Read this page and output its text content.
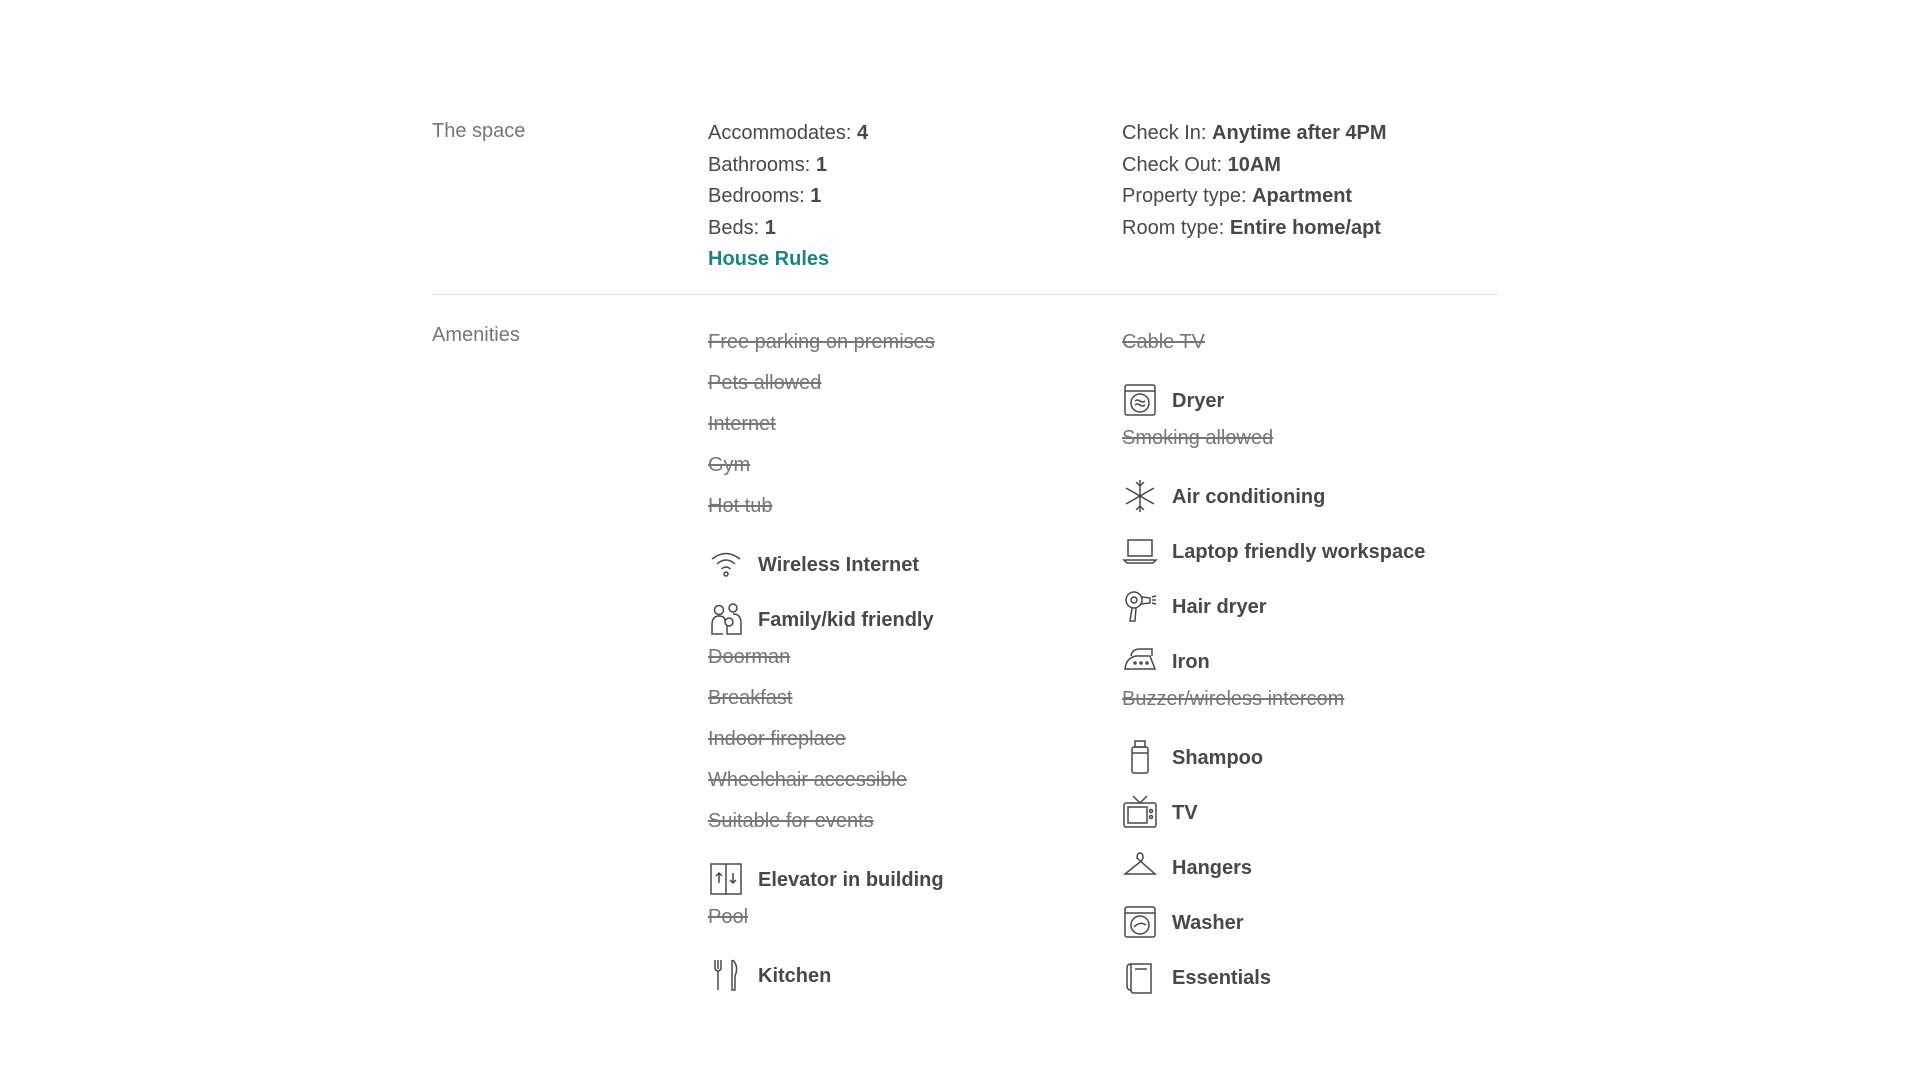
The space	Accommodates: 4
Bathrooms: 1
Bedrooms: 1
Beds: 1
House Rules
Check In: Anytime after 4PM
Check Out: 10AM
Property type: Apartment
Room type: Entire home/apt
Amenities	Free parking on premises
Pets allowed
Internet
Gym
Hot tub
Wireless Internet
Family/kid friendly
Doorman
Breakfast
Indoor fireplace
Wheelchair accessible
Suitable for events
Elevator in building
Pool
Kitchen
Cable TV
Dryer
Smoking allowed
Air conditioning
Laptop friendly workspace
Hair dryer
Iron
Buzzer/wireless intercom
Shampoo
TV
Hangers
Washer
Essentials
